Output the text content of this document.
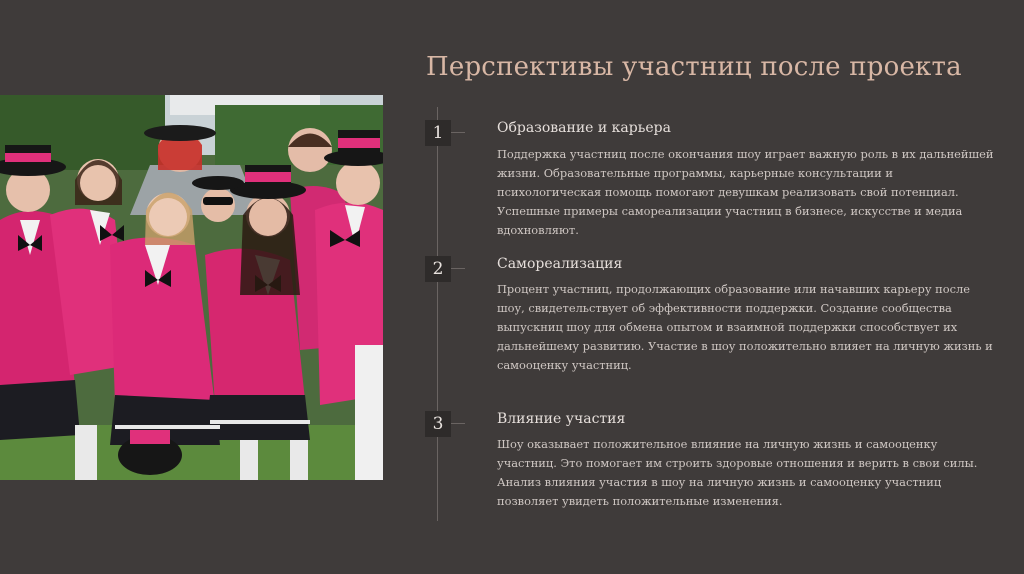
Перспективы участниц после проекта
1	Образование и карьера
Поддержка участниц после окончания шоу играет важную роль в их дальнейшей жизни. Образовательные программы, карьерные консультации и психологическая помощь помогают девушкам реализовать свой потенциал. Успешные примеры самореализации участниц в бизнесе, искусстве и медиа вдохновляют.
2	Самореализация
Процент участниц, продолжающих образование или начавших карьеру после шоу, свидетельствует об эффективности поддержки. Создание сообщества выпускниц шоу для обмена опытом и взаимной поддержки способствует их дальнейшему развитию. Участие в шоу положительно влияет на личную жизнь и самооценку участниц.
3	Влияние участия
Шоу оказывает положительное влияние на личную жизнь и самооценку участниц. Это помогает им строить здоровые отношения и верить в свои силы. Анализ влияния участия в шоу на личную жизнь и самооценку участниц позволяет увидеть положительные изменения.
